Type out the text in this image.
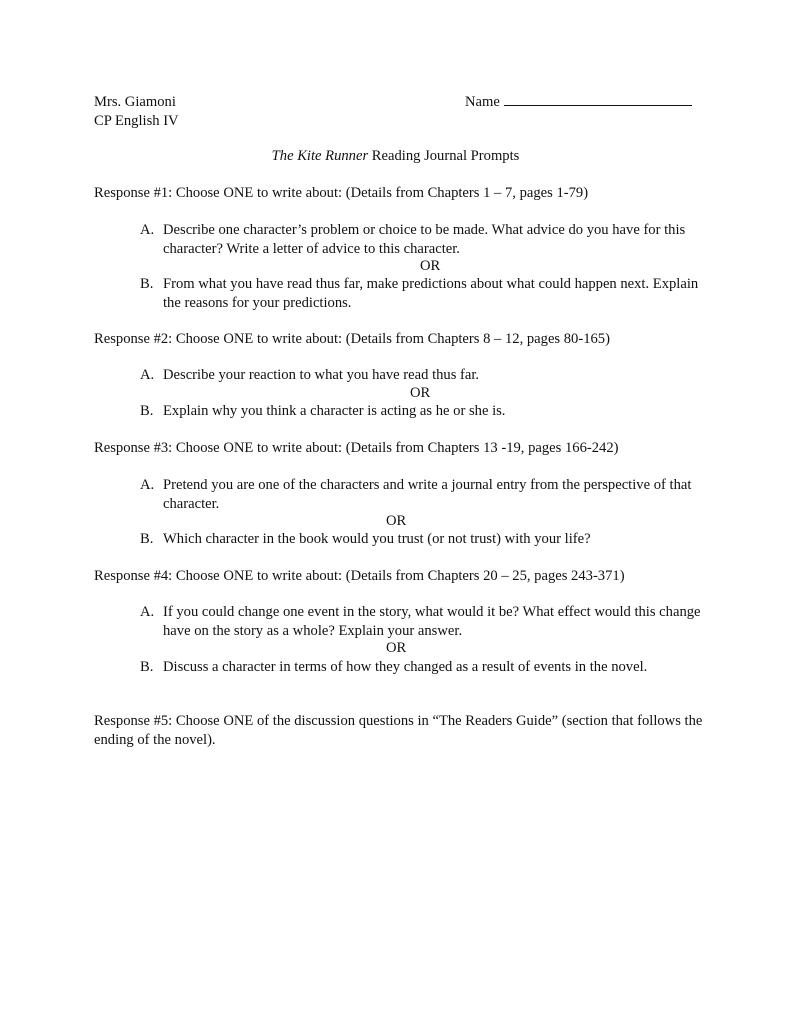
Mrs. Giamoni
CP English IV
Name
The Kite Runner Reading Journal Prompts
Response #1: Choose ONE to write about: (Details from Chapters 1 – 7, pages 1-79)
A. Describe one character’s problem or choice to be made. What advice do you have for this character? Write a letter of advice to this character.
OR
B. From what you have read thus far, make predictions about what could happen next. Explain the reasons for your predictions.
Response #2: Choose ONE to write about: (Details from Chapters 8 – 12, pages 80-165)
A. Describe your reaction to what you have read thus far.
OR
B. Explain why you think a character is acting as he or she is.
Response #3: Choose ONE to write about: (Details from Chapters 13 -19, pages 166-242)
A. Pretend you are one of the characters and write a journal entry from the perspective of that character.
OR
B. Which character in the book would you trust (or not trust) with your life?
Response #4: Choose ONE to write about: (Details from Chapters 20 – 25, pages 243-371)
A. If you could change one event in the story, what would it be? What effect would this change have on the story as a whole? Explain your answer.
OR
B. Discuss a character in terms of how they changed as a result of events in the novel.
Response #5: Choose ONE of the discussion questions in “The Readers Guide” (section that follows the ending of the novel).
